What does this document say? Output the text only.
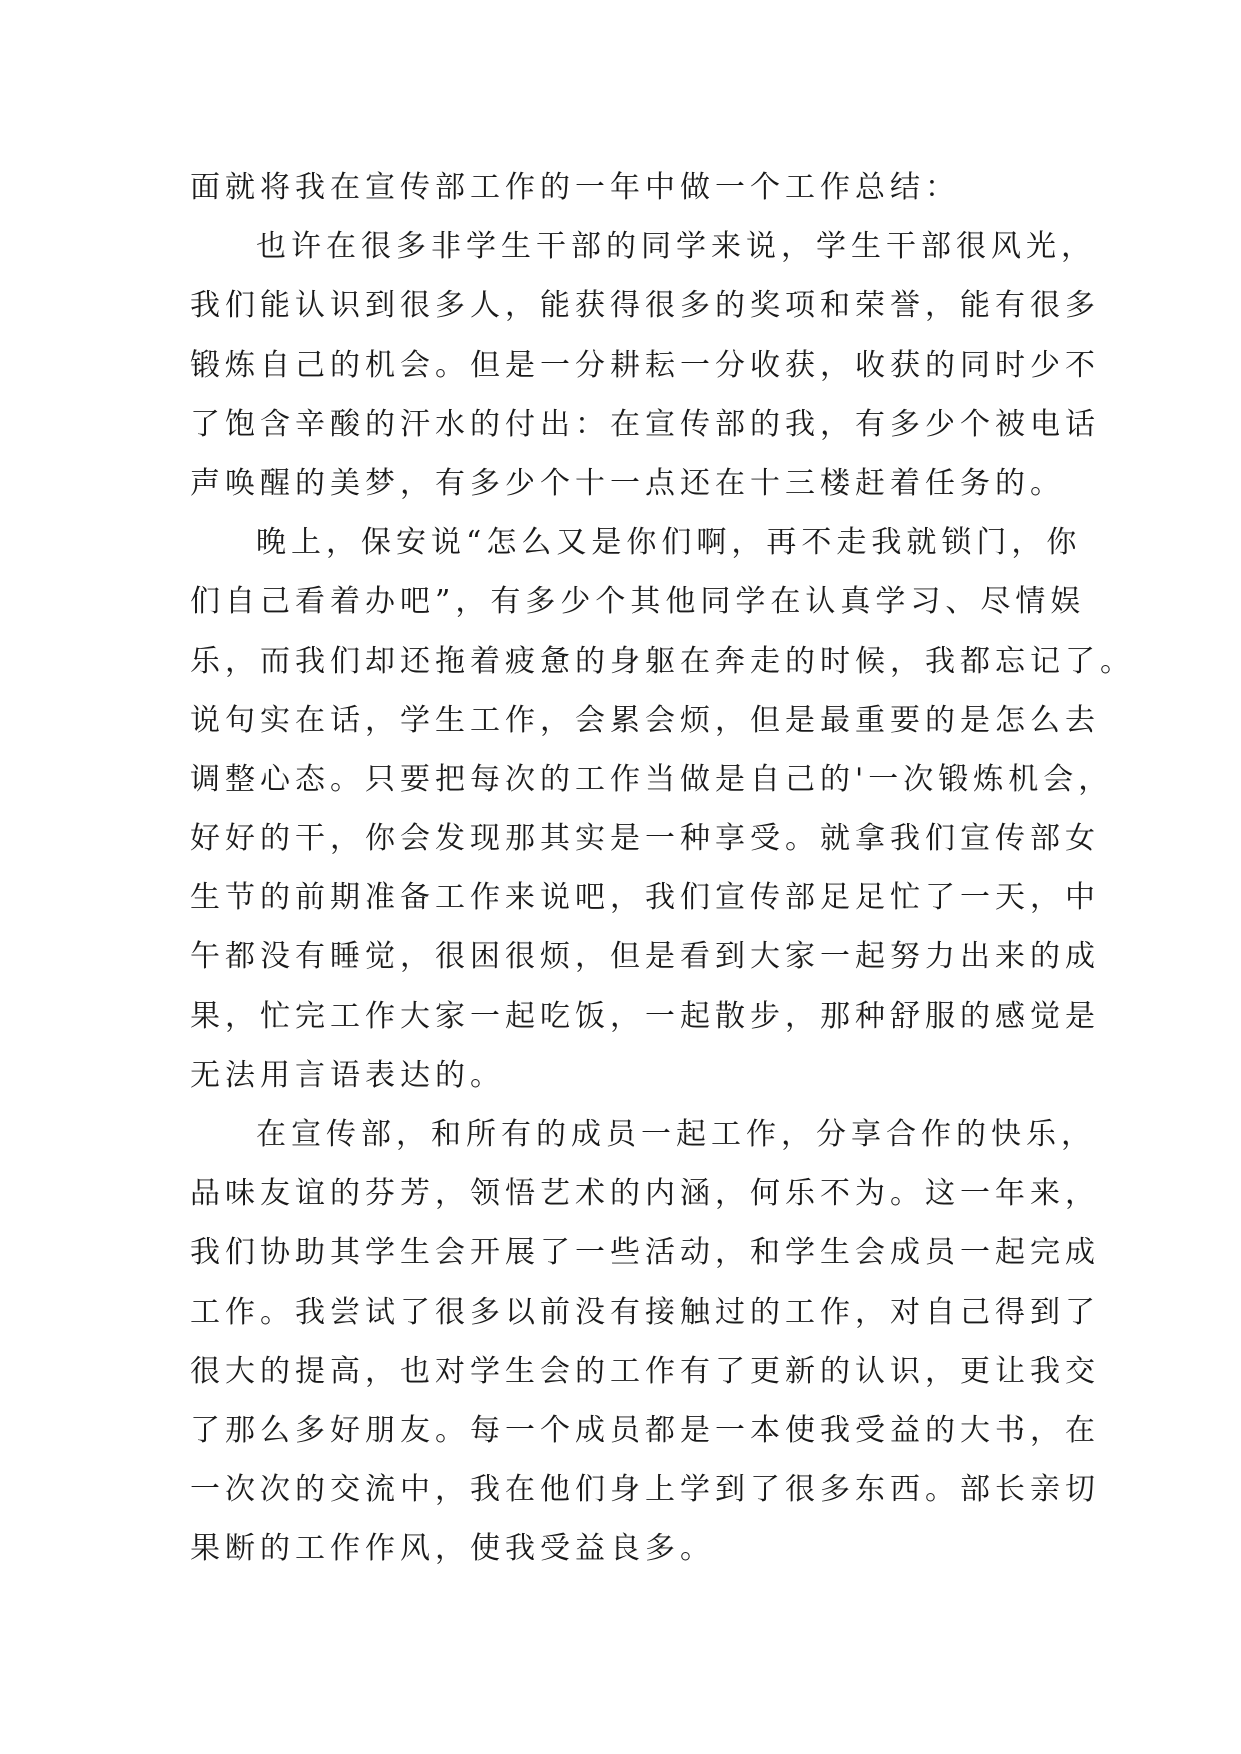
面就将我在宣传部工作的一年中做一个工作总结：
也许在很多非学生干部的同学来说，学生干部很风光，
我们能认识到很多人，能获得很多的奖项和荣誉，能有很多
锻炼自己的机会。但是一分耕耘一分收获，收获的同时少不
了饱含辛酸的汗水的付出：在宣传部的我，有多少个被电话
声唤醒的美梦，有多少个十一点还在十三楼赶着任务的。
晚上，保安说“怎么又是你们啊，再不走我就锁门，你
们自己看着办吧”，有多少个其他同学在认真学习、尽情娱
乐，而我们却还拖着疲惫的身躯在奔走的时候，我都忘记了。
说句实在话，学生工作，会累会烦，但是最重要的是怎么去
调整心态。只要把每次的工作当做是自己的'一次锻炼机会，
好好的干，你会发现那其实是一种享受。就拿我们宣传部女
生节的前期准备工作来说吧，我们宣传部足足忙了一天，中
午都没有睡觉，很困很烦，但是看到大家一起努力出来的成
果，忙完工作大家一起吃饭，一起散步，那种舒服的感觉是
无法用言语表达的。
在宣传部，和所有的成员一起工作，分享合作的快乐，
品味友谊的芬芳，领悟艺术的内涵，何乐不为。这一年来，
我们协助其学生会开展了一些活动，和学生会成员一起完成
工作。我尝试了很多以前没有接触过的工作，对自己得到了
很大的提高，也对学生会的工作有了更新的认识，更让我交
了那么多好朋友。每一个成员都是一本使我受益的大书，在
一次次的交流中，我在他们身上学到了很多东西。部长亲切
果断的工作作风，使我受益良多。
